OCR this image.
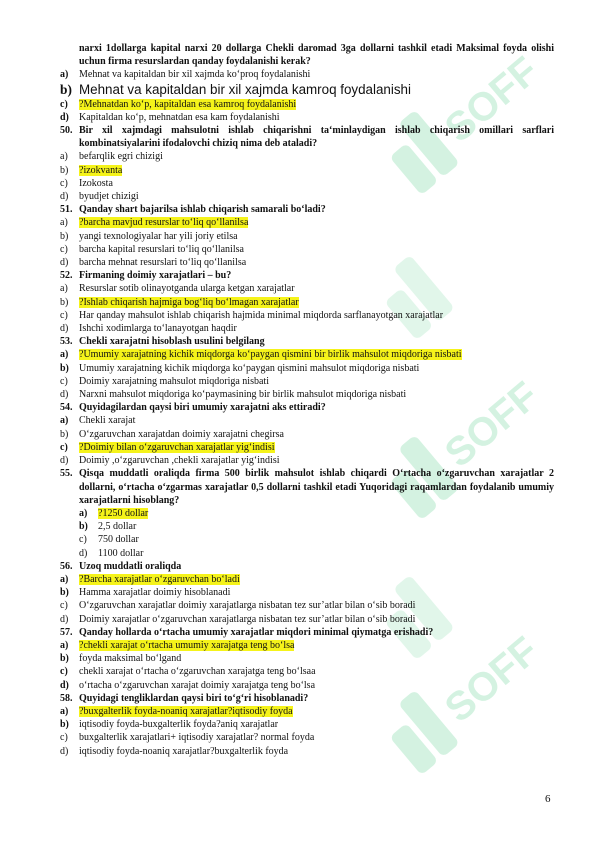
SOFF
SOFF
SOFF
narxi 1dollarga kapital narxi 20 dollarga Chekli daromad 3ga dollarni tashkil etadi Maksimal foyda olishi uchun firma resurslardan qanday foydalanishi kerak?
a)	Mehnat va kapitaldan bir xil xajmda ko‘proq foydalanishi
b) Mehnat va kapitaldan bir xil xajmda kamroq foydalanishi
c)	?Mehnatdan ko‘p, kapitaldan esa kamroq foydalanishi
d)	Kapitaldan ko‘p, mehnatdan esa kam foydalanishi
50. Bir xil xajmdagi mahsulotni ishlab chiqarishni ta‘minlaydigan ishlab chiqarish omillari sarflari kombinatsiyalarini ifodalovchi chiziq nima deb ataladi?
a)	befarqlik egri chizigi
b)	?izokvanta
c)	Izokosta
d)	byudjet chizigi
51. Qanday shart bajarilsa ishlab chiqarish samarali bo‘ladi?
a)	?barcha mavjud resurslar to‘liq qo‘llanilsa
b)	yangi texnologiyalar har yili joriy etilsa
c)	barcha kapital resurslari to‘liq qo‘llanilsa
d)	barcha mehnat resurslari to‘liq qo‘llanilsa
52. Firmaning doimiy xarajatlari – bu?
a)	Resurslar sotib olinayotganda ularga ketgan xarajatlar
b)	?Ishlab chiqarish hajmiga bog‘liq bo‘lmagan xarajatlar
c)	Har qanday mahsulot ishlab chiqarish hajmida minimal miqdorda sarflanayotgan xarajatlar
d)	Ishchi xodimlarga to‘lanayotgan haqdir
53. Chekli xarajatni hisoblash usulini belgilang
a)	?Umumiy xarajatning kichik miqdorga ko‘paygan qismini bir birlik mahsulot miqdoriga nisbati
b)	Umumiy xarajatning kichik miqdorga ko‘paygan qismini mahsulot miqdoriga nisbati
c)	Doimiy xarajatning mahsulot miqdoriga nisbati
d)	Narxni mahsulot miqdoriga ko‘paymasining bir birlik mahsulot miqdoriga nisbati
54. Quyidagilardan qaysi biri umumiy xarajatni aks ettiradi?
a)	Chekli xarajat
b)	O‘zgaruvchan xarajatdan doimiy xarajatni chegirsa
c)	?Doimiy bilan o‘zgaruvchan xarajatlar yig‘indisi
d)	Doimiy ,o‘zgaruvchan ,chekli xarajatlar yig‘indisi
55. Qisqa muddatli oraliqda firma 500 birlik mahsulot ishlab chiqardi O‘rtacha o‘zgaruvchan xarajatlar 2 dollarni, o‘rtacha o‘zgarmas xarajatlar 0,5 dollarni tashkil etadi Yuqoridagi raqamlardan foydalanib umumiy xarajatlarni hisoblang?
a)	?1250 dollar
b)	2,5 dollar
c)	750 dollar
d)	1100 dollar
56. Uzoq muddatli oraliqda
a)	?Barcha xarajatlar o‘zgaruvchan bo‘ladi
b)	Hamma xarajatlar doimiy hisoblanadi
c)	O‘zgaruvchan xarajatlar doimiy xarajatlarga nisbatan tez sur’atlar bilan o‘sib boradi
d)	Doimiy xarajatlar o‘zgaruvchan xarajatlarga nisbatan tez sur’atlar bilan o‘sib boradi
57. Qanday hollarda o‘rtacha umumiy xarajatlar miqdori minimal qiymatga erishadi?
a)	?chekli xarajat o‘rtacha umumiy xarajatga teng bo‘lsa
b)	foyda maksimal bo‘lgand
c)	chekli xarajat o‘rtacha o‘zgaruvchan xarajatga teng bo‘lsaa
d)	o‘rtacha o‘zgaruvchan xarajat doimiy xarajatga teng bo‘lsa
58. Quyidagi tengliklardan qaysi biri to‘g‘ri hisoblanadi?
a)	?buxgalterlik foyda-noaniq xarajatlar?iqtisodiy foyda
b)	iqtisodiy foyda-buxgalterlik foyda?aniq xarajatlar
c)	buxgalterlik xarajatlari+ iqtisodiy xarajatlar? normal foyda
d)	iqtisodiy foyda-noaniq xarajatlar?buxgalterlik foyda
6
